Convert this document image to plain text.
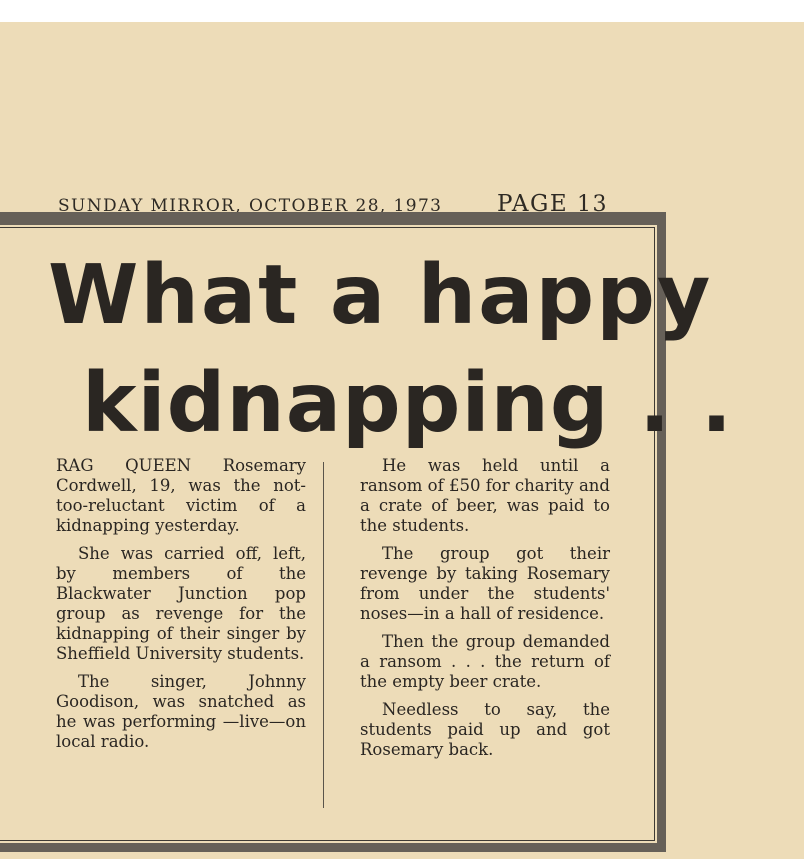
SUNDAY MIRROR, OCTOBER 28, 1973 PAGE 13
What a happy
kidnapping . .

RAG QUEEN Rosemary Cordwell, 19, was the not-too-reluctant victim of a kidnapping yesterday.

She was carried off, left, by members of the Blackwater Junction pop group as revenge for the kidnapping of their singer by Sheffield University students.

The singer, Johnny Goodison, was snatched as he was performing —live—on local radio.

He was held until a ransom of £50 for charity and a crate of beer, was paid to the students.

The group got their revenge by taking Rosemary from under the students' noses—in a hall of residence.

Then the group demanded a ransom . . . the return of the empty beer crate.

Needless to say, the students paid up and got Rosemary back.
